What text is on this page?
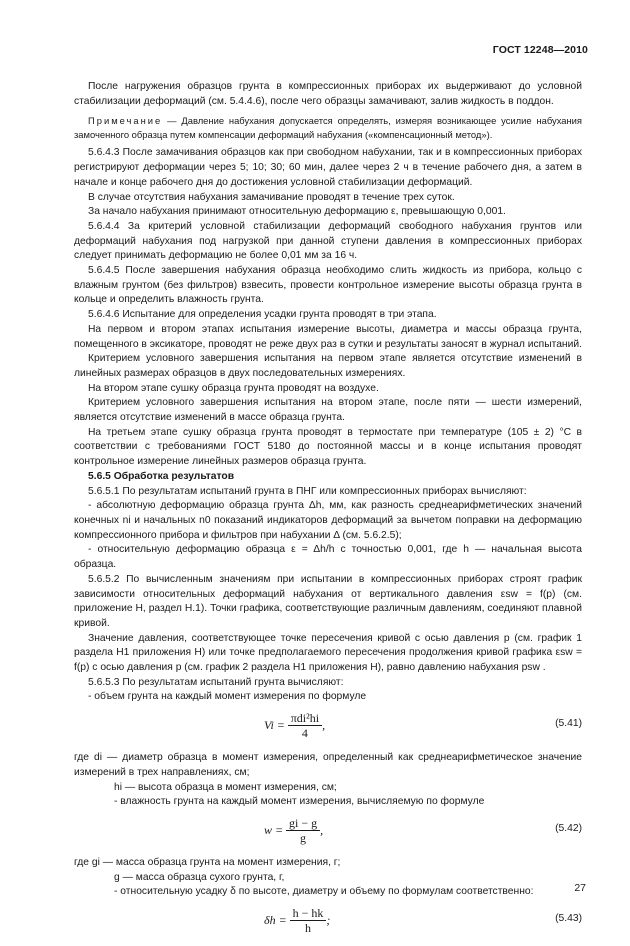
ГОСТ 12248—2010

После нагружения образцов грунта в компрессионных приборах их выдерживают до условной стабилизации деформаций (см. 5.4.4.6), после чего образцы замачивают, залив жидкость в поддон.

Примечание — Давление набухания допускается определять, измеряя возникающее усилие набухания замоченного образца путем компенсации деформаций набухания («компенсационный метод»).

5.6.4.3 После замачивания образцов как при свободном набухании, так и в компрессионных приборах регистрируют деформации через 5; 10; 30; 60 мин, далее через 2 ч в течение рабочего дня, а затем в начале и конце рабочего дня до достижения условной стабилизации деформаций.

В случае отсутствия набухания замачивание проводят в течение трех суток.

За начало набухания принимают относительную деформацию ε, превышающую 0,001.

5.6.4.4 За критерий условной стабилизации деформаций свободного набухания грунтов или деформаций набухания под нагрузкой при данной ступени давления в компрессионных приборах следует принимать деформацию не более 0,01 мм за 16 ч.

5.6.4.5 После завершения набухания образца необходимо слить жидкость из прибора, кольцо с влажным грунтом (без фильтров) взвесить, провести контрольное измерение высоты образца грунта в кольце и определить влажность грунта.

5.6.4.6 Испытание для определения усадки грунта проводят в три этапа.

На первом и втором этапах испытания измерение высоты, диаметра и массы образца грунта, помещенного в эксикаторе, проводят не реже двух раз в сутки и результаты заносят в журнал испытаний.

Критерием условного завершения испытания на первом этапе является отсутствие изменений в линейных размерах образцов в двух последовательных измерениях.

На втором этапе сушку образца грунта проводят на воздухе.

Критерием условного завершения испытания на втором этапе, после пяти — шести измерений, является отсутствие изменений в массе образца грунта.

На третьем этапе сушку образца грунта проводят в термостате при температуре (105 ± 2) °С в соответствии с требованиями ГОСТ 5180 до постоянной массы и в конце испытания проводят контрольное измерение линейных размеров образца грунта.

5.6.5 Обработка результатов

5.6.5.1 По результатам испытаний грунта в ПНГ или компрессионных приборах вычисляют:

- абсолютную деформацию образца грунта Δh, мм, как разность среднеарифметических значений конечных ni и начальных n0 показаний индикаторов деформаций за вычетом поправки на деформацию компрессионного прибора и фильтров при набухании Δ (см. 5.6.2.5);

- относительную деформацию образца ε = Δh/h с точностью 0,001, где h — начальная высота образца.

5.6.5.2 По вычисленным значениям при испытании в компрессионных приборах строят график зависимости относительных деформаций набухания от вертикального давления εsw = f(p) (см. приложение Н, раздел Н.1). Точки графика, соответствующие различным давлениям, соединяют плавной кривой.

Значение давления, соответствующее точке пересечения кривой с осью давления p (см. график 1 раздела Н1 приложения Н) или точке предполагаемого пересечения продолжения кривой графика εsw = f(p) с осью давления p (см. график 2 раздела Н1 приложения Н), равно давлению набухания psw .

5.6.5.3 По результатам испытаний грунта вычисляют:

- объем грунта на каждый момент измерения по формуле

$Vi = \frac{\text{πdi²hi}}{4}$ ,	(5.41)

где di — диаметр образца в момент измерения, определенный как среднеарифметическое значение измерений в трех направлениях, см;

hi — высота образца в момент измерения, см;

- влажность грунта на каждый момент измерения, вычисляемую по формуле

$w = \frac{gi - g}{g}$ ,	(5.42)

где gi — масса образца грунта на момент измерения, г;

g — масса образца сухого грунта, г,

- относительную усадку δ по высоте, диаметру и объему по формулам соответственно:

$\delta h = \frac{h - hk}{h}$ ;	(5.43)
27
